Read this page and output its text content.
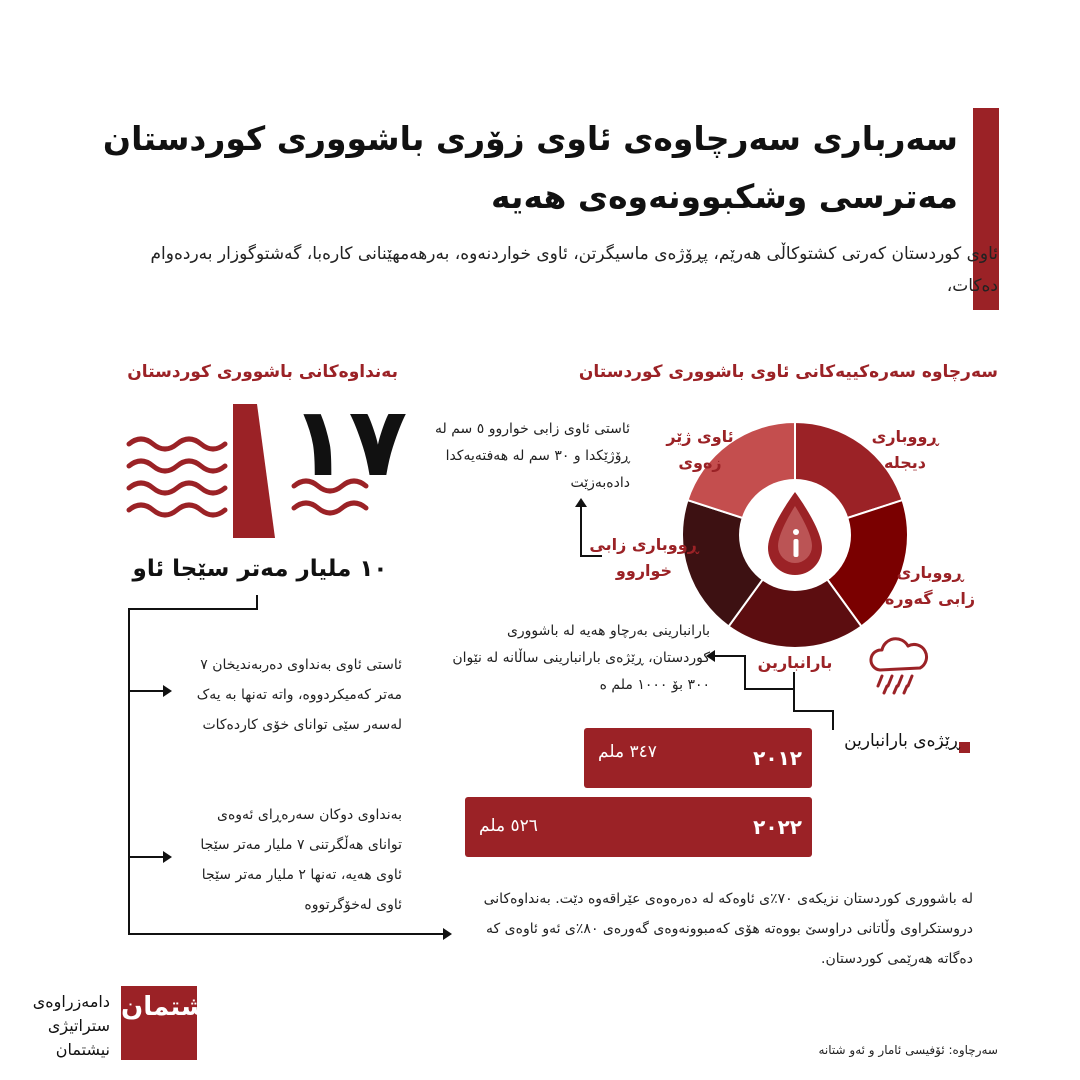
سەرباری سەرچاوەی ئاوی زۆری باشووری کوردستان مەترسی وشکبوونەوەی هەیە
ئاوی کوردستان کەرتی کشتوکاڵی هەرێم، پڕۆژەی ماسیگرتن، ئاوی خواردنەوە، بەرهەمهێنانی کارەبا، گەشتوگوزار بەردەوام دەکات،
سەرچاوە سەرەکییەکانی ئاوی باشووری کوردستان
بەنداوەکانی باشووری کوردستان
ڕووباری دیجلە
ڕووباری زابی گەورە
بارانبارین
ڕووباری زابی خواروو
ئاوی ژێر زەوی
ئاستی ئاوی زابی خواروو ٥ سم لە ڕۆژێکدا و ٣٠ سم لە هەفتەیەکدا دادەبەزێت
بارانبارینی بەرچاو هەیە لە باشووری کوردستان، ڕێژەی بارانبارینی ساڵانە لە نێوان ٣٠٠ بۆ ١٠٠٠ ملم ە
ڕێژەی بارانبارین
٢٠١٢
٣٤٧ ملم
٢٠٢٢
٥٢٦ ملم
١٧
١٠ ملیار مەتر سێجا ئاو
ئاستی ئاوی بەنداوی دەربەندیخان ٧ مەتر کەمیکردووە، واتە تەنها بە یەک لەسەر سێی توانای خۆی کاردەکات
بەنداوی دوکان سەرەڕای ئەوەی توانای هەڵگرتنی ٧ ملیار مەتر سێجا ئاوی هەیە، تەنها ٢ ملیار مەتر سێجا ئاوی لەخۆگرتووە	لە باشووری کوردستان نزیکەی ٧٠٪ی ئاوەکە لە دەرەوەی عێراقەوە دێت. بەنداوەکانی دروستکراوی وڵاتانی دراوسێ بووەتە هۆی کەمبوونەوەی گەورەی ٨٠٪ی ئەو ئاوەی کە دەگاتە هەرێمی کوردستان.
سەرچاوە: ئۆفیسی ئامار و ئەو شتانە
نیشتمان
دامەزراوەی ستراتیژی نیشتمان
